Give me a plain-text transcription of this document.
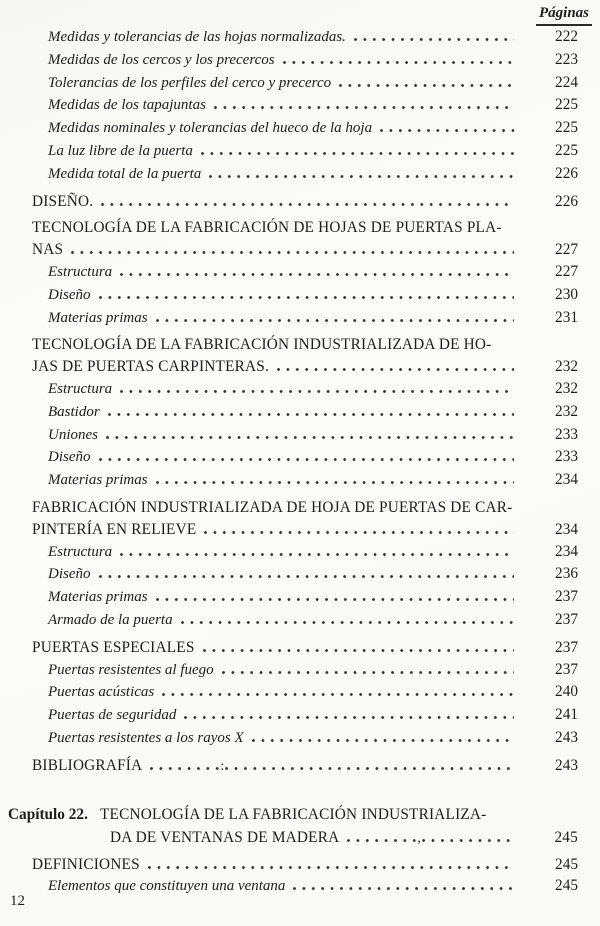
Páginas
Medidas y tolerancias de las hojas normalizadas.	222
Medidas de los cercos y los precercos	223
Tolerancias de los perfiles del cerco y precerco	224
Medidas de los tapajuntas	225
Medidas nominales y tolerancias del hueco de la hoja	225
La luz libre de la puerta	225
Medida total de la puerta	226
DISEÑO.	226
TECNOLOGÍA DE LA FABRICACIÓN DE HOJAS DE PUERTAS PLA-
NAS	227
Estructura	227
Diseño	230
Materias primas	231
TECNOLOGÍA DE LA FABRICACIÓN INDUSTRIALIZADA DE HO-
JAS DE PUERTAS CARPINTERAS.	232
Estructura	232
Bastidor	232
Uniones	233
Diseño	233
Materias primas	234
FABRICACIÓN INDUSTRIALIZADA DE HOJA DE PUERTAS DE CAR-
PINTERÍA EN RELIEVE	234
Estructura	234
Diseño	236
Materias primas	237
Armado de la puerta	237
PUERTAS ESPECIALES	237
Puertas resistentes al fuego	237
Puertas acústicas	240
Puertas de seguridad	241
Puertas resistentes a los rayos X	243
BIBLIOGRAFÍA	:	243
Capítulo 22. TECNOLOGÍA DE LA FABRICACIÓN INDUSTRIALIZA-
DA DE VENTANAS DE MADERA	,	245
DEFINICIONES	245
Elementos que constituyen una ventana	245
12
